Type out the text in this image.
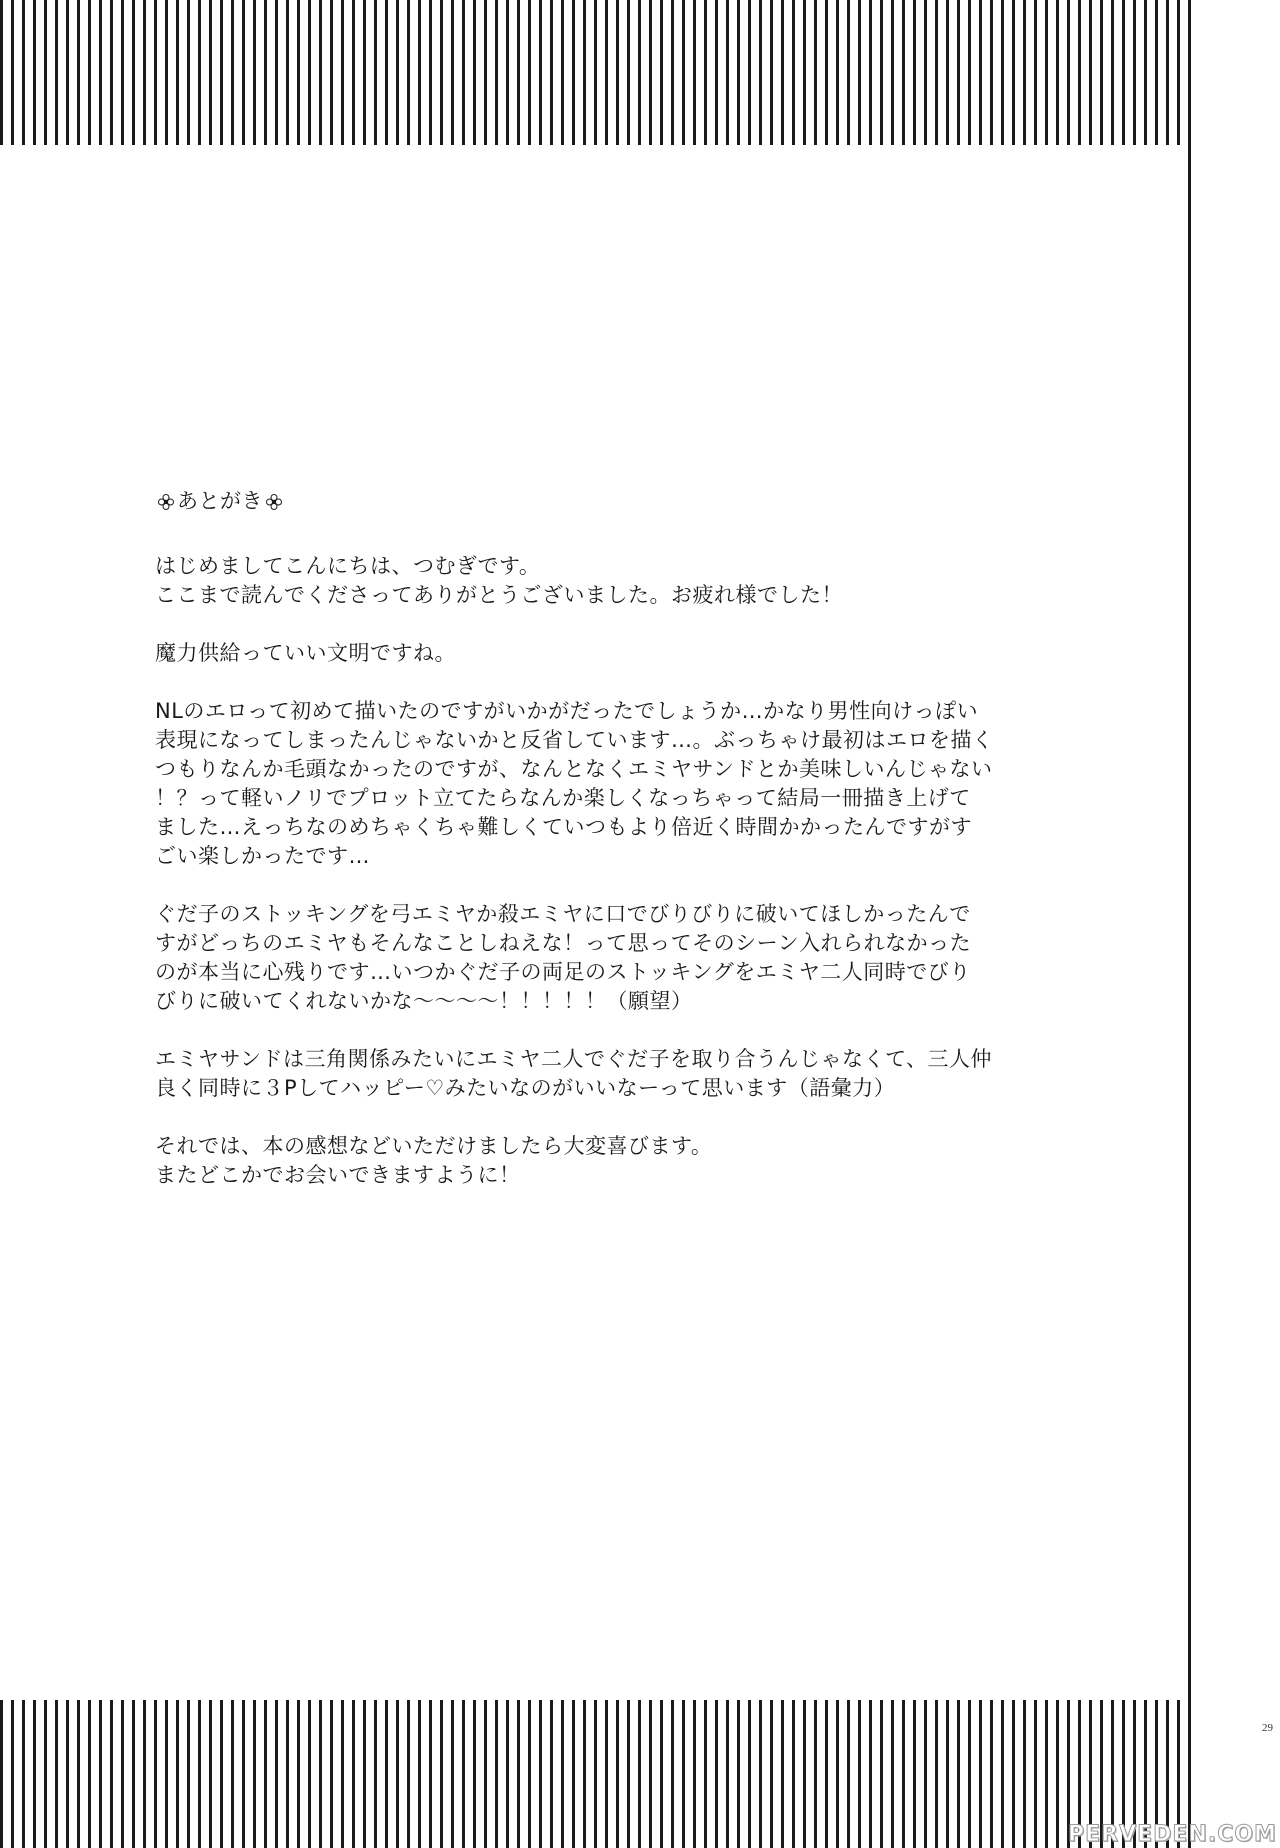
あとがき
はじめましてこんにちは、つむぎです。
ここまで読んでくださってありがとうございました。お疲れ様でした！
魔力供給っていい文明ですね。
NLのエロって初めて描いたのですがいかがだったでしょうか…かなり男性向けっぽい
表現になってしまったんじゃないかと反省しています…。ぶっちゃけ最初はエロを描く
つもりなんか毛頭なかったのですが、なんとなくエミヤサンドとか美味しいんじゃない
！？って軽いノリでプロット立てたらなんか楽しくなっちゃって結局一冊描き上げて
ました…えっちなのめちゃくちゃ難しくていつもより倍近く時間かかったんですがす
ごい楽しかったです…
ぐだ子のストッキングを弓エミヤか殺エミヤに口でびりびりに破いてほしかったんで
すがどっちのエミヤもそんなことしねえな！って思ってそのシーン入れられなかった
のが本当に心残りです…いつかぐだ子の両足のストッキングをエミヤ二人同時でびり
びりに破いてくれないかな〜〜〜〜！！！！！（願望）
エミヤサンドは三角関係みたいにエミヤ二人でぐだ子を取り合うんじゃなくて、三人仲
良く同時に３Pしてハッピー♡みたいなのがいいなーって思います（語彙力）
それでは、本の感想などいただけましたら大変喜びます。
またどこかでお会いできますように！
29
PERVEDEN.COM
